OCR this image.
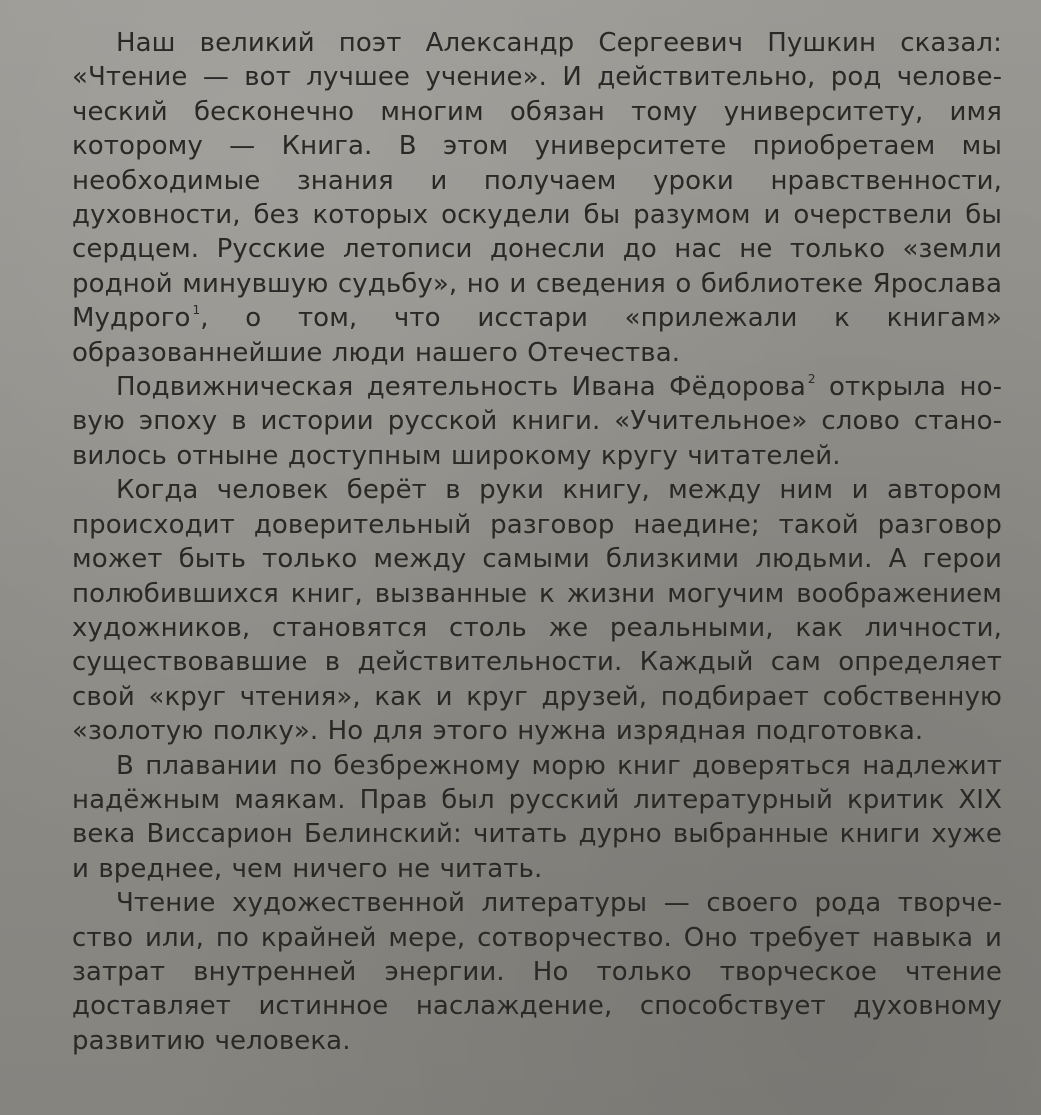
Наш великий поэт Александр Сергеевич Пушкин сказал: «Чтение — вот лучшее учение». И действительно, род человеческий бесконечно многим обязан тому университету, имя которому — Книга. В этом университете приобретаем мы необходимые знания и получаем уроки нравственности, духовности, без которых оскудели бы разумом и очерствели бы сердцем. Русские летописи донесли до нас не только «земли родной минувшую судьбу», но и сведения о библиотеке Ярослава Мудрого $^1$, о том, что исстари «прилежали к книгам» образованнейшие люди нашего Отечества.

Подвижническая деятельность Ивана Фёдорова $^2$ открыла новую эпоху в истории русской книги. «Учительное» слово становилось отныне доступным широкому кругу читателей.

Когда человек берёт в руки книгу, между ним и автором происходит доверительный разговор наедине; такой разговор может быть только между самыми близкими людьми. А герои полюбившихся книг, вызванные к жизни могучим воображением художников, становятся столь же реальными, как личности, существовавшие в действительности. Каждый сам определяет свой «круг чтения», как и круг друзей, подбирает собственную «золотую полку». Но для этого нужна изрядная подготовка.

В плавании по безбрежному морю книг доверяться надлежит надёжным маякам. Прав был русский литературный критик XIX века Виссарион Белинский: читать дурно выбранные книги хуже и вреднее, чем ничего не читать.

Чтение художественной литературы — своего рода творчество или, по крайней мере, сотворчество. Оно требует навыка и затрат внутренней энергии. Но только творческое чтение доставляет истинное наслаждение, способствует духовному развитию человека.
